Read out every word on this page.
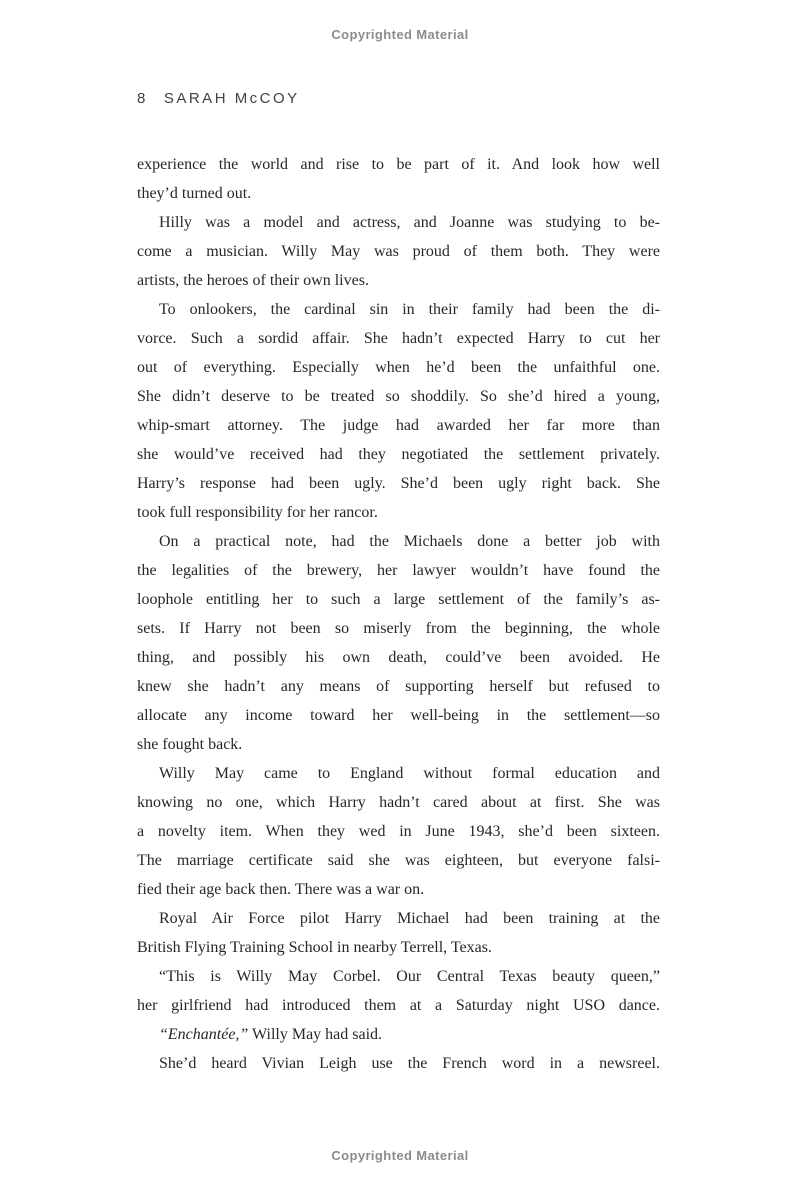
Copyrighted Material
8 SARAH McCOY
experience the world and rise to be part of it. And look how well
they’d turned out.
Hilly was a model and actress, and Joanne was studying to be-
come a musician. Willy May was proud of them both. They were
artists, the heroes of their own lives.
To onlookers, the cardinal sin in their family had been the di-
vorce. Such a sordid affair. She hadn’t expected Harry to cut her
out of everything. Especially when he’d been the unfaithful one.
She didn’t deserve to be treated so shoddily. So she’d hired a young,
whip-smart attorney. The judge had awarded her far more than
she would’ve received had they negotiated the settlement privately.
Harry’s response had been ugly. She’d been ugly right back. She
took full responsibility for her rancor.
On a practical note, had the Michaels done a better job with
the legalities of the brewery, her lawyer wouldn’t have found the
loophole entitling her to such a large settlement of the family’s as-
sets. If Harry not been so miserly from the beginning, the whole
thing, and possibly his own death, could’ve been avoided. He
knew she hadn’t any means of supporting herself but refused to
allocate any income toward her well-being in the settlement—so
she fought back.
Willy May came to England without formal education and
knowing no one, which Harry hadn’t cared about at first. She was
a novelty item. When they wed in June 1943, she’d been sixteen.
The marriage certificate said she was eighteen, but everyone falsi-
fied their age back then. There was a war on.
Royal Air Force pilot Harry Michael had been training at the
British Flying Training School in nearby Terrell, Texas.
“This is Willy May Corbel. Our Central Texas beauty queen,”
her girlfriend had introduced them at a Saturday night USO dance.
“Enchantée,” Willy May had said.
She’d heard Vivian Leigh use the French word in a newsreel.
Copyrighted Material
